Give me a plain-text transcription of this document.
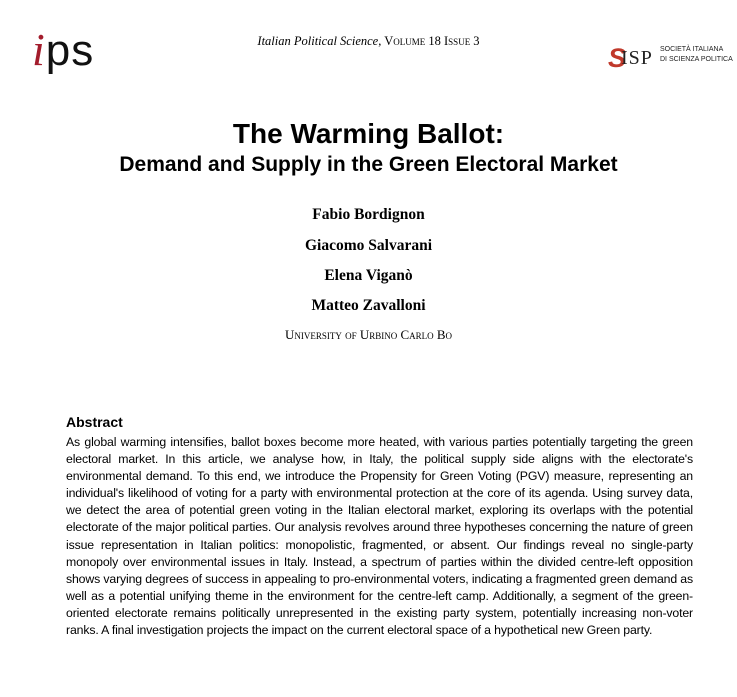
ips	Italian Political Science, Volume 18 Issue 3
S
ISP SOCIETÀ ITALIANA
DI SCIENZA POLITICA
The Warming Ballot:
Demand and Supply in the Green Electoral Market
Fabio Bordignon
Giacomo Salvarani
Elena Viganò
Matteo Zavalloni
University of Urbino Carlo Bo
Abstract
As global warming intensifies, ballot boxes become more heated, with various parties potentially targeting the green electoral market. In this article, we analyse how, in Italy, the political supply side aligns with the electorate's environmental demand. To this end, we introduce the Propensity for Green Voting (PGV) measure, representing an individual's likelihood of voting for a party with environmental protection at the core of its agenda. Using survey data, we detect the area of potential green voting in the Italian electoral market, exploring its overlaps with the potential electorate of the major political parties. Our analysis revolves around three hypotheses concerning the nature of green issue representation in Italian politics: monopolistic, fragmented, or absent. Our findings reveal no single-party monopoly over environmental issues in Italy. Instead, a spectrum of parties within the divided centre-left opposition shows varying degrees of success in appealing to pro-environmental voters, indicating a fragmented green demand as well as a potential unifying theme in the environment for the centre-left camp. Additionally, a segment of the green-oriented electorate remains politically unrepresented in the existing party system, potentially increasing non-voter ranks. A final investigation projects the impact on the current electoral space of a hypothetical new Green party.
